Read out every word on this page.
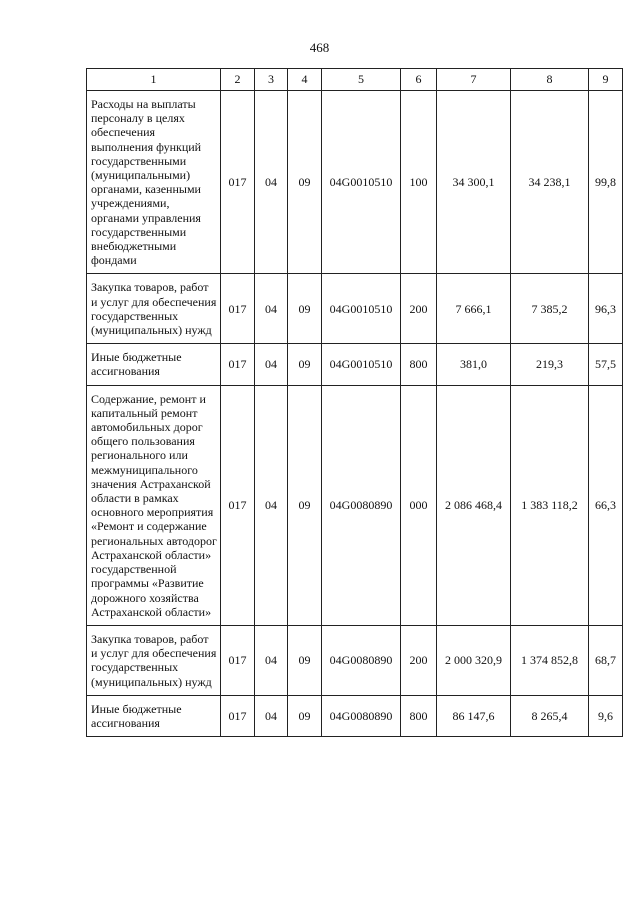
468
1	2	3	4	5	6	7	8	9
Расходы на выплаты персоналу в целях обеспечения выполнения функций государственными (муниципальными) органами, казенными учреждениями, органами управления государственными внебюджетными фондами	017	04	09	04G0010510	100	34 300,1	34 238,1	99,8
Закупка товаров, работ и услуг для обеспечения государственных (муниципальных) нужд	017	04	09	04G0010510	200	7 666,1	7 385,2	96,3
Иные бюджетные ассигнования	017	04	09	04G0010510	800	381,0	219,3	57,5
Содержание, ремонт и капитальный ремонт автомобильных дорог общего пользования регионального или межмуниципального значения Астраханской области в рамках основного мероприятия «Ремонт и содержание региональных автодорог Астраханской области» государственной программы «Развитие дорожного хозяйства Астраханской области»	017	04	09	04G0080890	000	2 086 468,4	1 383 118,2	66,3
Закупка товаров, работ и услуг для обеспечения государственных (муниципальных) нужд	017	04	09	04G0080890	200	2 000 320,9	1 374 852,8	68,7
Иные бюджетные ассигнования	017	04	09	04G0080890	800	86 147,6	8 265,4	9,6
